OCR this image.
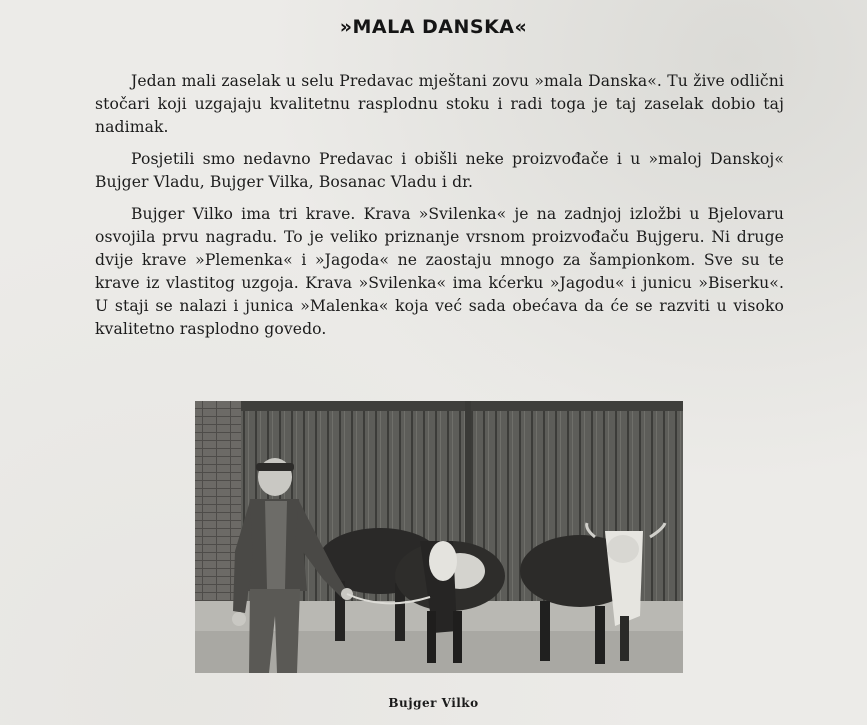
»MALA DANSKA«

Jedan mali zaselak u selu Predavac mještani zovu »mala Danska«. Tu žive odlični stočari koji uzgajaju kvalitetnu rasplodnu stoku i radi toga je taj zaselak dobio taj nadimak.

Posjetili smo nedavno Predavac i obišli neke proizvođače i u »maloj Danskoj« Bujger Vladu, Bujger Vilka, Bosanac Vladu i dr.

Bujger Vilko ima tri krave. Krava »Svilenka« je na zadnjoj izložbi u Bjelovaru osvojila prvu nagradu. To je veliko priznanje vrsnom proizvođaču Bujgeru. Ni druge dvije krave »Plemenka« i »Jagoda« ne zaostaju mnogo za šampionkom. Sve su te krave iz vlastitog uzgoja. Krava »Svilenka« ima kćerku »Jagodu« i junicu »Biserku«. U staji se nalazi i junica »Malenka« koja već sada obećava da će se razviti u visoko kvalitetno rasplodno govedo.

Bujger Vilko
